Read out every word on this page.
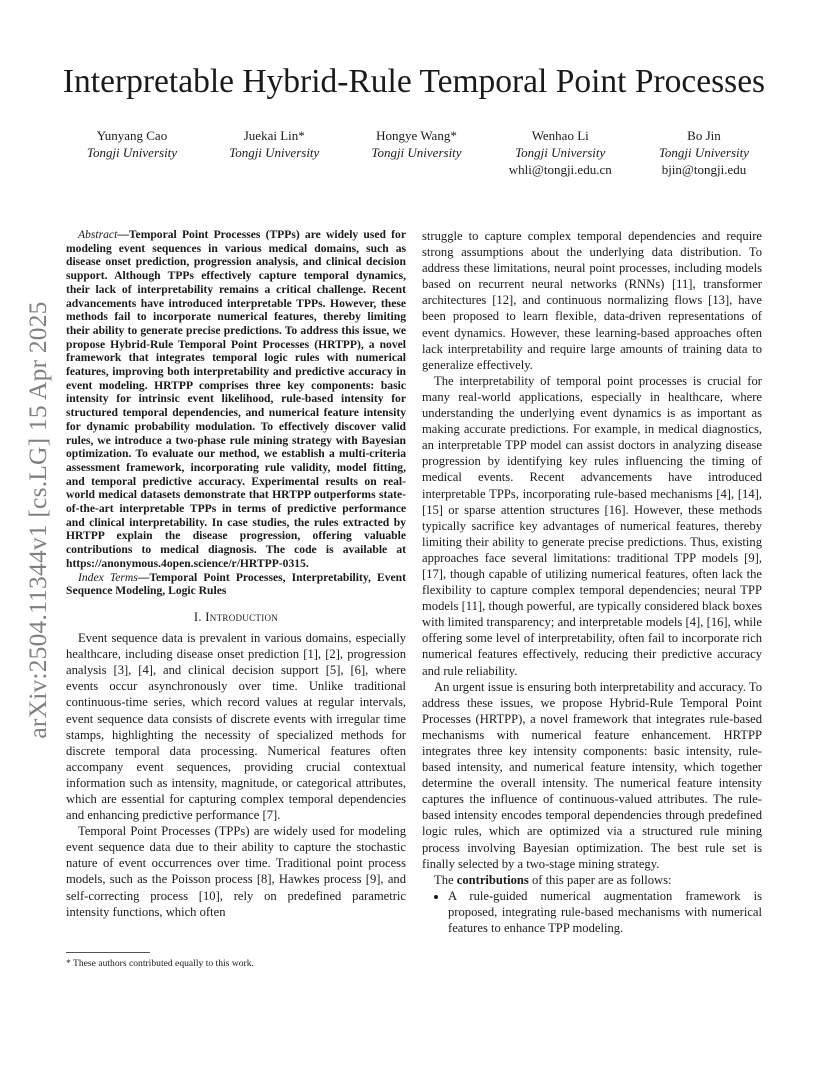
arXiv:2504.11344v1 [cs.LG] 15 Apr 2025
Interpretable Hybrid-Rule Temporal Point Processes
Yunyang Cao
Tongji University
Juekai Lin*
Tongji University
Hongye Wang*
Tongji University
Wenhao Li
Tongji University
whli@tongji.edu.cn
Bo Jin
Tongji University
bjin@tongji.edu

Abstract—Temporal Point Processes (TPPs) are widely used for modeling event sequences in various medical domains, such as disease onset prediction, progression analysis, and clinical decision support. Although TPPs effectively capture temporal dynamics, their lack of interpretability remains a critical challenge. Recent advancements have introduced interpretable TPPs. However, these methods fail to incorporate numerical features, thereby limiting their ability to generate precise predictions. To address this issue, we propose Hybrid-Rule Temporal Point Processes (HRTPP), a novel framework that integrates temporal logic rules with numerical features, improving both interpretability and predictive accuracy in event modeling. HRTPP comprises three key components: basic intensity for intrinsic event likelihood, rule-based intensity for structured temporal dependencies, and numerical feature intensity for dynamic probability modulation. To effectively discover valid rules, we introduce a two-phase rule mining strategy with Bayesian optimization. To evaluate our method, we establish a multi-criteria assessment framework, incorporating rule validity, model fitting, and temporal predictive accuracy. Experimental results on real-world medical datasets demonstrate that HRTPP outperforms state-of-the-art interpretable TPPs in terms of predictive performance and clinical interpretability. In case studies, the rules extracted by HRTPP explain the disease progression, offering valuable contributions to medical diagnosis. The code is available at https://anonymous.4open.science/r/HRTPP-0315.

Index Terms—Temporal Point Processes, Interpretability, Event Sequence Modeling, Logic Rules

I. Introduction

Event sequence data is prevalent in various domains, especially healthcare, including disease onset prediction [1], [2], progression analysis [3], [4], and clinical decision support [5], [6], where events occur asynchronously over time. Unlike traditional continuous-time series, which record values at regular intervals, event sequence data consists of discrete events with irregular time stamps, highlighting the necessity of specialized methods for discrete temporal data processing. Numerical features often accompany event sequences, providing crucial contextual information such as intensity, magnitude, or categorical attributes, which are essential for capturing complex temporal dependencies and enhancing predictive performance [7].

Temporal Point Processes (TPPs) are widely used for modeling event sequence data due to their ability to capture the stochastic nature of event occurrences over time. Traditional point process models, such as the Poisson process [8], Hawkes process [9], and self-correcting process [10], rely on predefined parametric intensity functions, which often

* These authors contributed equally to this work.

struggle to capture complex temporal dependencies and require strong assumptions about the underlying data distribution. To address these limitations, neural point processes, including models based on recurrent neural networks (RNNs) [11], transformer architectures [12], and continuous normalizing flows [13], have been proposed to learn flexible, data-driven representations of event dynamics. However, these learning-based approaches often lack interpretability and require large amounts of training data to generalize effectively.

The interpretability of temporal point processes is crucial for many real-world applications, especially in healthcare, where understanding the underlying event dynamics is as important as making accurate predictions. For example, in medical diagnostics, an interpretable TPP model can assist doctors in analyzing disease progression by identifying key rules influencing the timing of medical events. Recent advancements have introduced interpretable TPPs, incorporating rule-based mechanisms [4], [14], [15] or sparse attention structures [16]. However, these methods typically sacrifice key advantages of numerical features, thereby limiting their ability to generate precise predictions. Thus, existing approaches face several limitations: traditional TPP models [9], [17], though capable of utilizing numerical features, often lack the flexibility to capture complex temporal dependencies; neural TPP models [11], though powerful, are typically considered black boxes with limited transparency; and interpretable models [4], [16], while offering some level of interpretability, often fail to incorporate rich numerical features effectively, reducing their predictive accuracy and rule reliability.

An urgent issue is ensuring both interpretability and accuracy. To address these issues, we propose Hybrid-Rule Temporal Point Processes (HRTPP), a novel framework that integrates rule-based mechanisms with numerical feature enhancement. HRTPP integrates three key intensity components: basic intensity, rule-based intensity, and numerical feature intensity, which together determine the overall intensity. The numerical feature intensity captures the influence of continuous-valued attributes. The rule-based intensity encodes temporal dependencies through predefined logic rules, which are optimized via a structured rule mining process involving Bayesian optimization. The best rule set is finally selected by a two-stage mining strategy.

The contributions of this paper are as follows:

• A rule-guided numerical augmentation framework is proposed, integrating rule-based mechanisms with numerical features to enhance TPP modeling.
